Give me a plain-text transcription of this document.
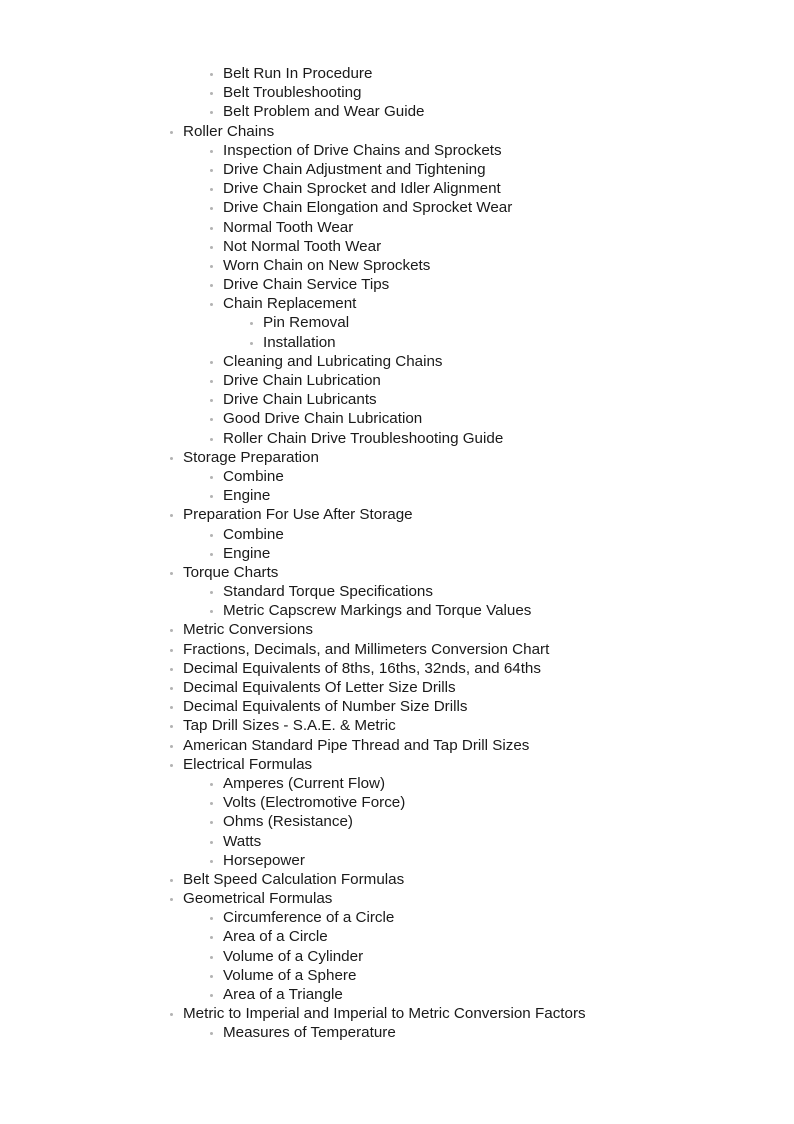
Belt Run In Procedure
Belt Troubleshooting
Belt Problem and Wear Guide
Roller Chains
Inspection of Drive Chains and Sprockets
Drive Chain Adjustment and Tightening
Drive Chain Sprocket and Idler Alignment
Drive Chain Elongation and Sprocket Wear
Normal Tooth Wear
Not Normal Tooth Wear
Worn Chain on New Sprockets
Drive Chain Service Tips
Chain Replacement
Pin Removal
Installation
Cleaning and Lubricating Chains
Drive Chain Lubrication
Drive Chain Lubricants
Good Drive Chain Lubrication
Roller Chain Drive Troubleshooting Guide
Storage Preparation
Combine
Engine
Preparation For Use After Storage
Combine
Engine
Torque Charts
Standard Torque Specifications
Metric Capscrew Markings and Torque Values
Metric Conversions
Fractions, Decimals, and Millimeters Conversion Chart
Decimal Equivalents of 8ths, 16ths, 32nds, and 64ths
Decimal Equivalents Of Letter Size Drills
Decimal Equivalents of Number Size Drills
Tap Drill Sizes - S.A.E. & Metric
American Standard Pipe Thread and Tap Drill Sizes
Electrical Formulas
Amperes (Current Flow)
Volts (Electromotive Force)
Ohms (Resistance)
Watts
Horsepower
Belt Speed Calculation Formulas
Geometrical Formulas
Circumference of a Circle
Area of a Circle
Volume of a Cylinder
Volume of a Sphere
Area of a Triangle
Metric to Imperial and Imperial to Metric Conversion Factors
Measures of Temperature
